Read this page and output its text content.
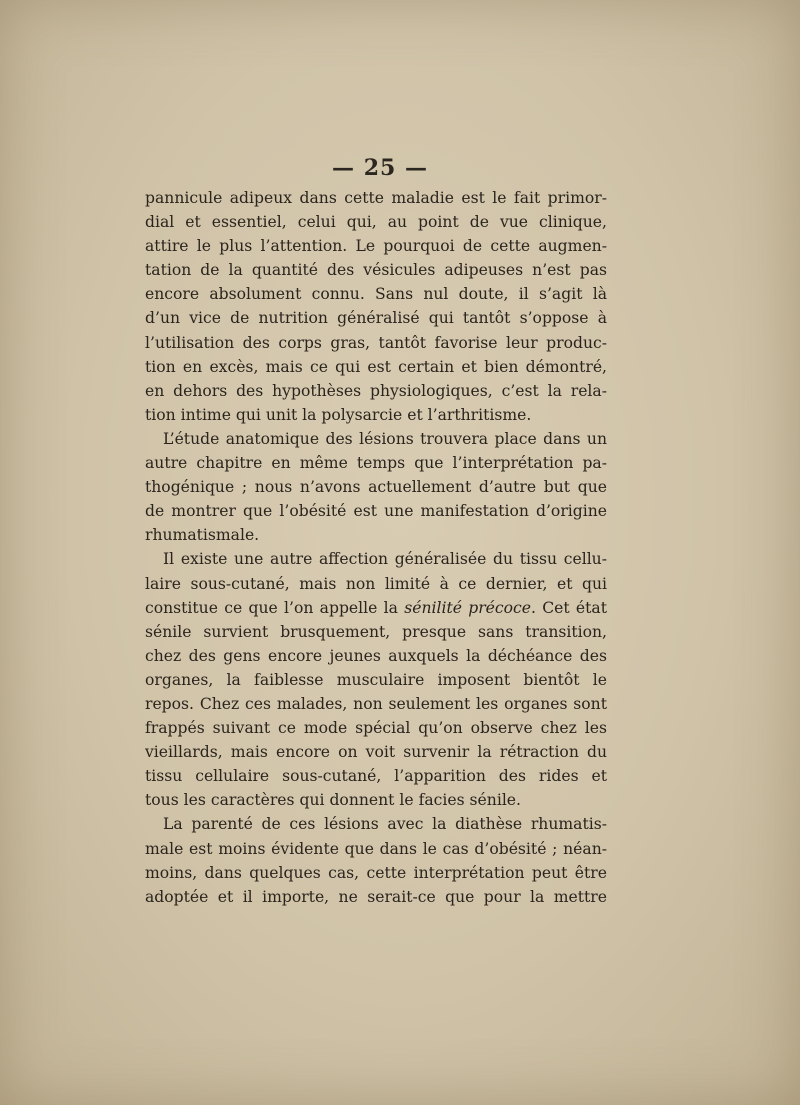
— 25 —
pannicule adipeux dans cette maladie est le fait primor-
dial et essentiel, celui qui, au point de vue clinique,
attire le plus l’attention. Le pourquoi de cette augmen-
tation de la quantité des vésicules adipeuses n’est pas
encore absolument connu. Sans nul doute, il s’agit là
d’un vice de nutrition généralisé qui tantôt s’oppose à
l’utilisation des corps gras, tantôt favorise leur produc-
tion en excès, mais ce qui est certain et bien démontré,
en dehors des hypothèses physiologiques, c’est la rela-
tion intime qui unit la polysarcie et l’arthritisme.
L’étude anatomique des lésions trouvera place dans un
autre chapitre en même temps que l’interprétation pa-
thogénique ; nous n’avons actuellement d’autre but que
de montrer que l’obésité est une manifestation d’origine
rhumatismale.
Il existe une autre affection généralisée du tissu cellu-
laire sous-cutané, mais non limité à ce dernier, et qui
constitue ce que l’on appelle la sénilité précoce. Cet état
sénile survient brusquement, presque sans transition,
chez des gens encore jeunes auxquels la déchéance des
organes, la faiblesse musculaire imposent bientôt le
repos. Chez ces malades, non seulement les organes sont
frappés suivant ce mode spécial qu’on observe chez les
vieillards, mais encore on voit survenir la rétraction du
tissu cellulaire sous-cutané, l’apparition des rides et
tous les caractères qui donnent le facies sénile.
La parenté de ces lésions avec la diathèse rhumatis-
male est moins évidente que dans le cas d’obésité ; néan-
moins, dans quelques cas, cette interprétation peut être
adoptée et il importe, ne serait-ce que pour la mettre
